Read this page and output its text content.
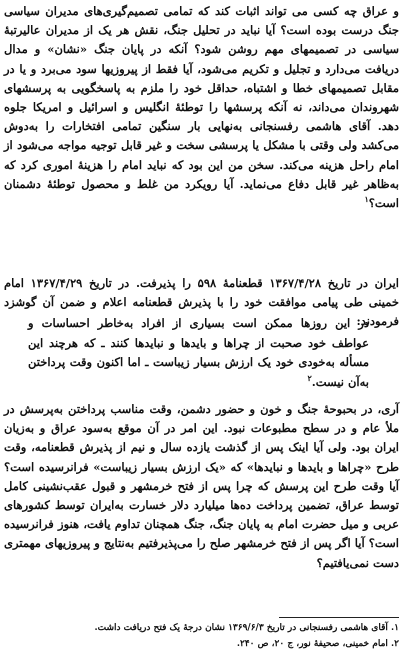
و عراق چه کسی می تواند اثبات کند که تمامی تصمیم‌گیری‌های مدیران سیاسی جنگ درست بوده است؟ آیا نباید در تحلیل جنگ، نقش هر یک از مدیران عالیرتبهٔ سیاسی در تصمیمهای مهم روشن شود؟ آنکه در پایان جنگ «نشان» و مدال دریافت می‌دارد و تجلیل و تکریم می‌شود، آیا فقط از پیروزیها سود می‌برد و یا در مقابل تصمیمهای خطا و اشتباه، حداقل خود را ملزم به پاسخگویی به پرسشهای شهروندان می‌داند، نه آنکه پرسشها را توطئهٔ انگلیس و اسرائیل و امریکا جلوه دهد. آقای هاشمی رفسنجانی به‌نهایی بار سنگین تمامی افتخارات را به‌دوش می‌کشد ولی وقتی با مشکل یا پرسشی سخت و غیر قابل توجیه مواجه می‌شود از امام راحل هزینه می‌کند. سخن من این بود که نباید امام را هزینهٔ اموری کرد که به‌ظاهر غیر قابل دفاع می‌نماید. آیا رویکرد من غلط و محصول توطئهٔ دشمنان است؟$^۱$

ایران در تاریخ ۱۳۶۷/۴/۲۸ قطعنامهٔ ۵۹۸ را پذیرفت. در تاریخ ۱۳۶۷/۴/۲۹ امام خمینی طی پیامی موافقت خود را با پذیرش قطعنامه اعلام و ضمن آن گوشزد فرمودند:

در این روزها ممکن است بسیاری از افراد به‌خاطر احساسات و عواطف خود صحبت از چراها و بایدها و نبایدها کنند ـ که هرچند این مسأله به‌خودی خود یک ارزش بسیار زیباست ـ اما اکنون وقت پرداختن به‌آن نیست.$^۲$

آری، در بحبوحهٔ جنگ و خون و حضور دشمن، وقت مناسب پرداختن به‌پرسش در ملأ عام و در سطح مطبوعات نبود. این امر در آن موقع به‌سود عراق و به‌زیان ایران بود. ولی آیا اینک پس از گذشت یازده سال و نیم از پذیرش قطعنامه، وقت طرح «چراها و بایدها و نبایدها» که «یک ارزش بسیار زیباست» فرانرسیده است؟ آیا وقت طرح این پرسش که چرا پس از فتح خرمشهر و قبول عقب‌نشینی کامل توسط عراق، تضمین پرداخت ده‌ها میلیارد دلار خسارت به‌ایران توسط کشورهای عربی و میل حضرت امام به پایان جنگ، جنگ همچنان تداوم یافت، هنوز فرانرسیده است؟ آیا اگر پس از فتح خرمشهر صلح را می‌پذیرفتیم به‌نتایج و پیروزیهای مهمتری دست نمی‌یافتیم؟

۱. آقای هاشمی رفسنجانی در تاریخ ۱۳۶۹/۶/۳ نشان درجهٔ یک فتح دریافت داشت.
۲. امام خمینی، صحیفهٔ نور، ج ۲۰، ص ۲۴۰.
